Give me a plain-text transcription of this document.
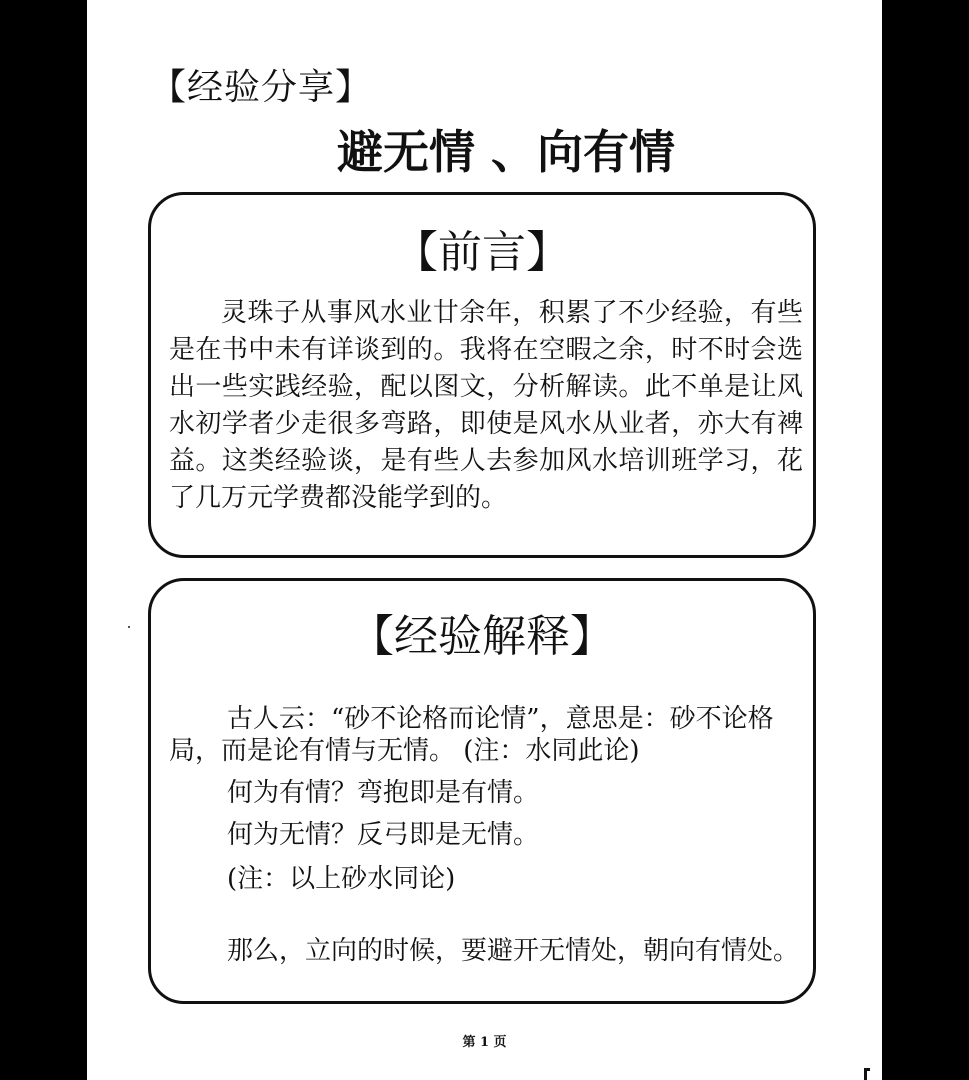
【经验分享】
避无情 、向有情
【前言】
灵珠子从事风水业廿余年，积累了不少经验，有些是在书中未有详谈到的。我将在空暇之余，时不时会选出一些实践经验，配以图文，分析解读。此不单是让风水初学者少走很多弯路，即使是风水从业者，亦大有裨益。这类经验谈，是有些人去参加风水培训班学习，花了几万元学费都没能学到的。
【经验解释】
古人云：“砂不论格而论情”，意思是：砂不论格
局，而是论有情与无情。 (注：水同此论)
何为有情？弯抱即是有情。
何为无情？反弓即是无情。
(注：以上砂水同论)
那么，立向的时候，要避开无情处，朝向有情处。
第 1 页
